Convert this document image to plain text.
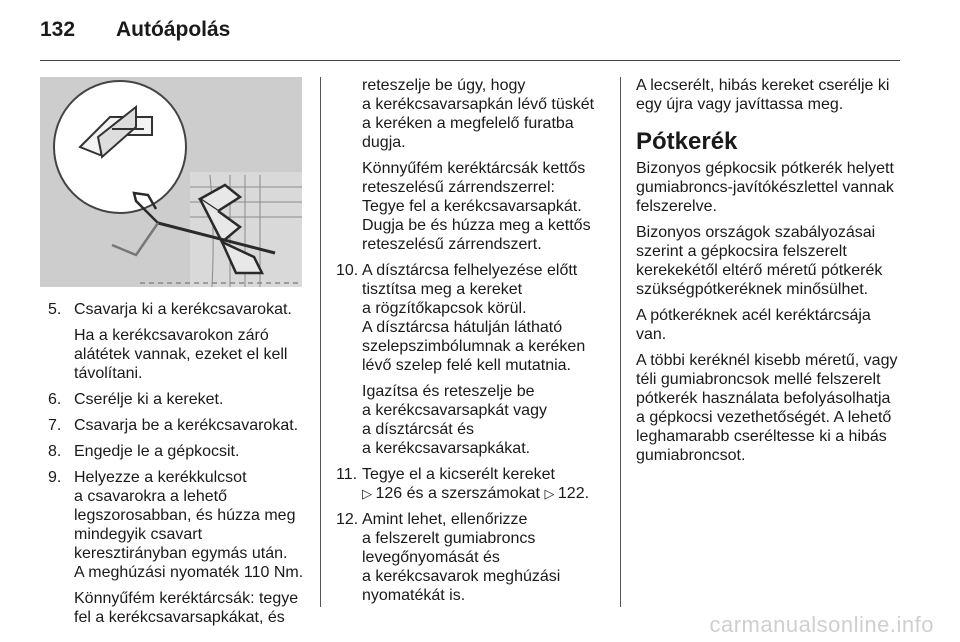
132 Autóápolás
5. Csavarja ki a kerékcsavarokat.
Ha a kerékcsavarokon záró
alátétek vannak, ezeket el kell
távolítani.
6. Cserélje ki a kereket.
7. Csavarja be a kerékcsavarokat.
8. Engedje le a gépkocsit.
9. Helyezze a kerékkulcsot
a csavarokra a lehető
legszorosabban, és húzza meg
mindegyik csavart
keresztirányban egymás után.
A meghúzási nyomaték 110 Nm.
Könnyűfém keréktárcsák: tegye
fel a kerékcsavarsapkákat, és

reteszelje be úgy, hogy
a kerékcsavarsapkán lévő tüskét
a keréken a megfelelő furatba
dugja.

Könnyűfém keréktárcsák kettős
reteszelésű zárrendszerrel:
Tegye fel a kerékcsavarsapkát.
Dugja be és húzza meg a kettős
reteszelésű zárrendszert.

10. A dísztárcsa felhelyezése előtt
tisztítsa meg a kereket
a rögzítőkapcsok körül.
A dísztárcsa hátulján látható
szelepszimbólumnak a keréken
lévő szelep felé kell mutatnia.
Igazítsa és reteszelje be
a kerékcsavarsapkát vagy
a dísztárcsát és
a kerékcsavarsapkákat.
11. Tegye el a kicserélt kereket
▷ 126 és a szerszámokat ▷ 122.
12. Amint lehet, ellenőrizze
a felszerelt gumiabroncs
levegőnyomását és
a kerékcsavarok meghúzási
nyomatékát is.

A lecserélt, hibás kereket cserélje ki
egy újra vagy javíttassa meg.

Pótkerék

Bizonyos gépkocsik pótkerék helyett
gumiabroncs-javítókészlettel vannak
felszerelve.

Bizonyos országok szabályozásai
szerint a gépkocsira felszerelt
kerekekétől eltérő méretű pótkerék
szükségpótkeréknek minősülhet.

A pótkeréknek acél keréktárcsája
van.

A többi keréknél kisebb méretű, vagy
téli gumiabroncsok mellé felszerelt
pótkerék használata befolyásolhatja
a gépkocsi vezethetőségét. A lehető
leghamarabb cseréltesse ki a hibás
gumiabroncsot.

carmanualsonline.info
